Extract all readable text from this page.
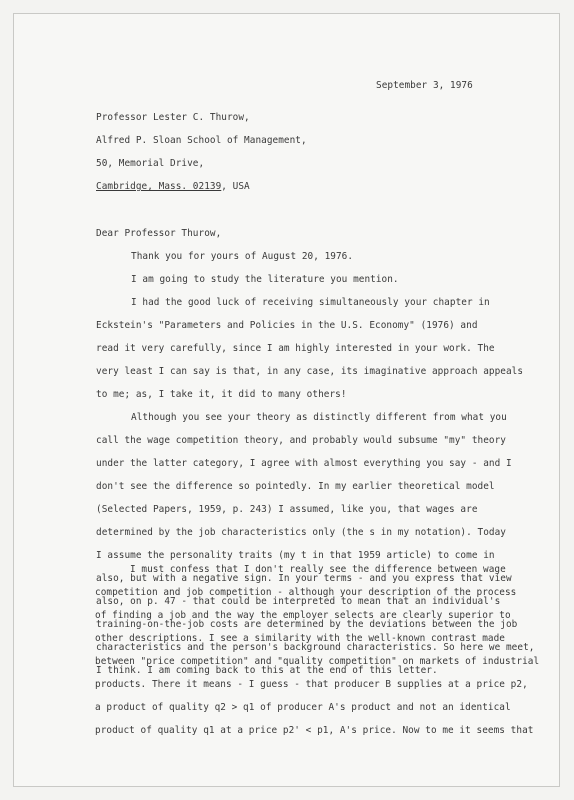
September 3, 1976
Professor Lester C. Thurow,
Alfred P. Sloan School of Management,
50, Memorial Drive,
Cambridge, Mass. 02139, USA
Dear Professor Thurow,
Thank you for yours of August 20, 1976.
I am going to study the literature you mention.
I had the good luck of receiving simultaneously your chapter in
Eckstein's "Parameters and Policies in the U.S. Economy" (1976) and
read it very carefully, since I am highly interested in your work. The
very least I can say is that, in any case, its imaginative approach appeals
to me; as, I take it, it did to many others!
Although you see your theory as distinctly different from what you
call the wage competition theory, and probably would subsume "my" theory
under the latter category, I agree with almost everything you say - and I
don't see the difference so pointedly. In my earlier theoretical model
(Selected Papers, 1959, p. 243) I assumed, like you, that wages are
determined by the job characteristics only (the s in my notation). Today
I assume the personality traits (my t in that 1959 article) to come in
also, but with a negative sign. In your terms - and you express that view
also, on p. 47 - that could be interpreted to mean that an individual's
training-on-the-job costs are determined by the deviations between the job
characteristics and the person's background characteristics. So here we meet,
I think. I am coming back to this at the end of this letter.
I must confess that I don't really see the difference between wage
competition and job competition - although your description of the process
of finding a job and the way the employer selects are clearly superior to
other descriptions. I see a similarity with the well-known contrast made
between "price competition" and "quality competition" on markets of industrial
products. There it means - I guess - that producer B supplies at a price p2,
a product of quality q2 > q1 of producer A's product and not an identical
product of quality q1 at a price p2' < p1, A's price. Now to me it seems that
